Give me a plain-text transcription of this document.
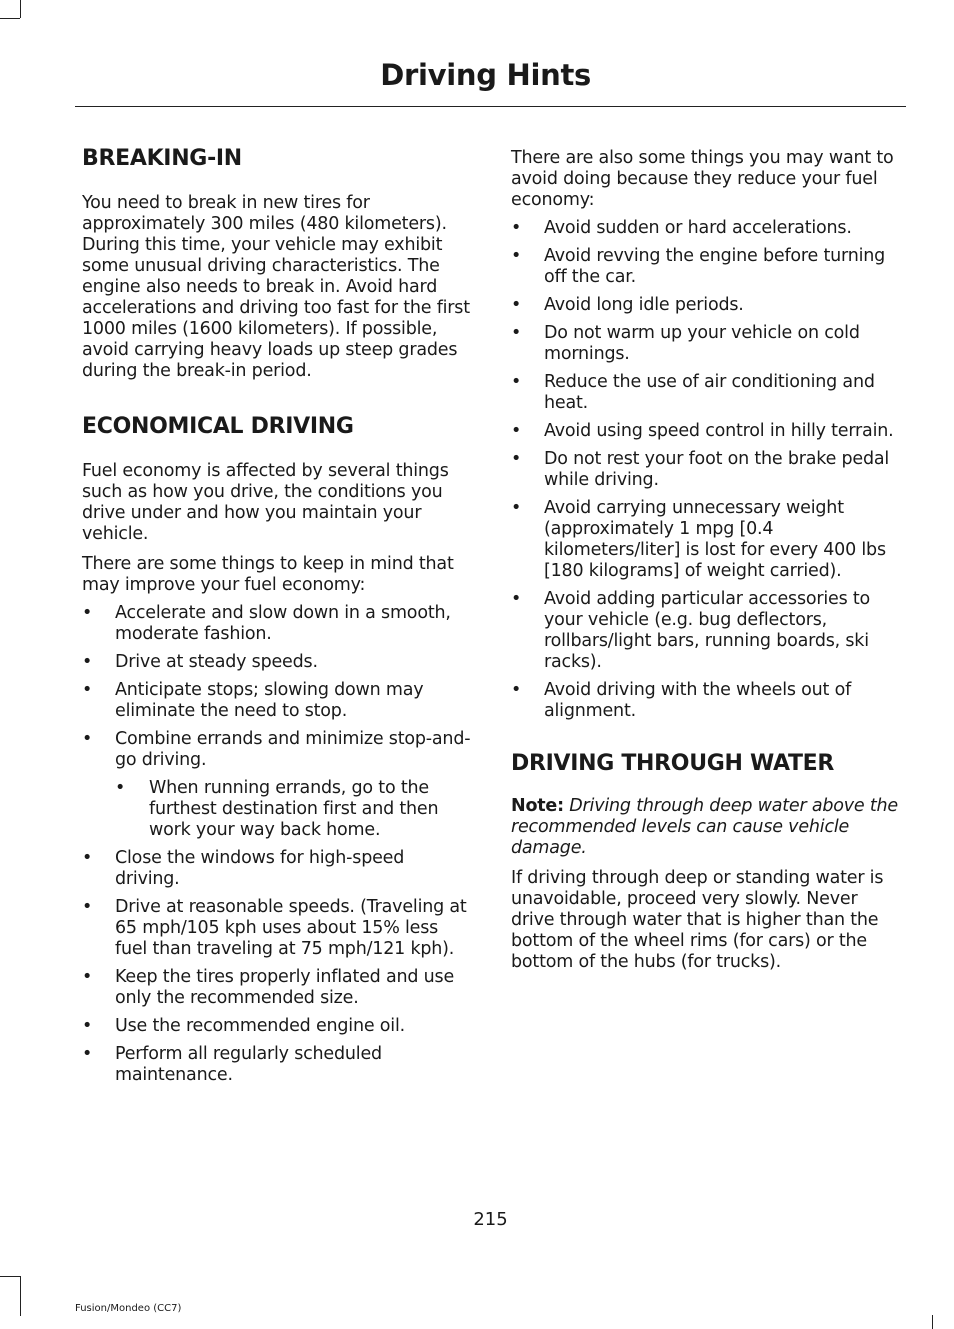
Driving Hints
BREAKING-IN

You need to break in new tires for approximately 300 miles (480 kilometers). During this time, your vehicle may exhibit some unusual driving characteristics. The engine also needs to break in. Avoid hard accelerations and driving too fast for the first 1000 miles (1600 kilometers). If possible, avoid carrying heavy loads up steep grades during the break-in period.

ECONOMICAL DRIVING

Fuel economy is affected by several things such as how you drive, the conditions you drive under and how you maintain your vehicle.

There are some things to keep in mind that may improve your fuel economy:

• Accelerate and slow down in a smooth, moderate fashion.
• Drive at steady speeds.
• Anticipate stops; slowing down may eliminate the need to stop.
• Combine errands and minimize stop-and-go driving.
• When running errands, go to the furthest destination first and then work your way back home.
• Close the windows for high-speed driving.
• Drive at reasonable speeds. (Traveling at 65 mph/105 kph uses about 15% less fuel than traveling at 75 mph/121 kph).
• Keep the tires properly inflated and use only the recommended size.
• Use the recommended engine oil.
• Perform all regularly scheduled maintenance.

There are also some things you may want to avoid doing because they reduce your fuel economy:

• Avoid sudden or hard accelerations.
• Avoid revving the engine before turning off the car.
• Avoid long idle periods.
• Do not warm up your vehicle on cold mornings.
• Reduce the use of air conditioning and heat.
• Avoid using speed control in hilly terrain.
• Do not rest your foot on the brake pedal while driving.
• Avoid carrying unnecessary weight (approximately 1 mpg [0.4 kilometers/liter] is lost for every 400 lbs [180 kilograms] of weight carried).
• Avoid adding particular accessories to your vehicle (e.g. bug deflectors, rollbars/light bars, running boards, ski racks).
• Avoid driving with the wheels out of alignment.
DRIVING THROUGH WATER

Note: Driving through deep water above the recommended levels can cause vehicle damage.

If driving through deep or standing water is unavoidable, proceed very slowly. Never drive through water that is higher than the bottom of the wheel rims (for cars) or the bottom of the hubs (for trucks).

215
Fusion/Mondeo (CC7)
